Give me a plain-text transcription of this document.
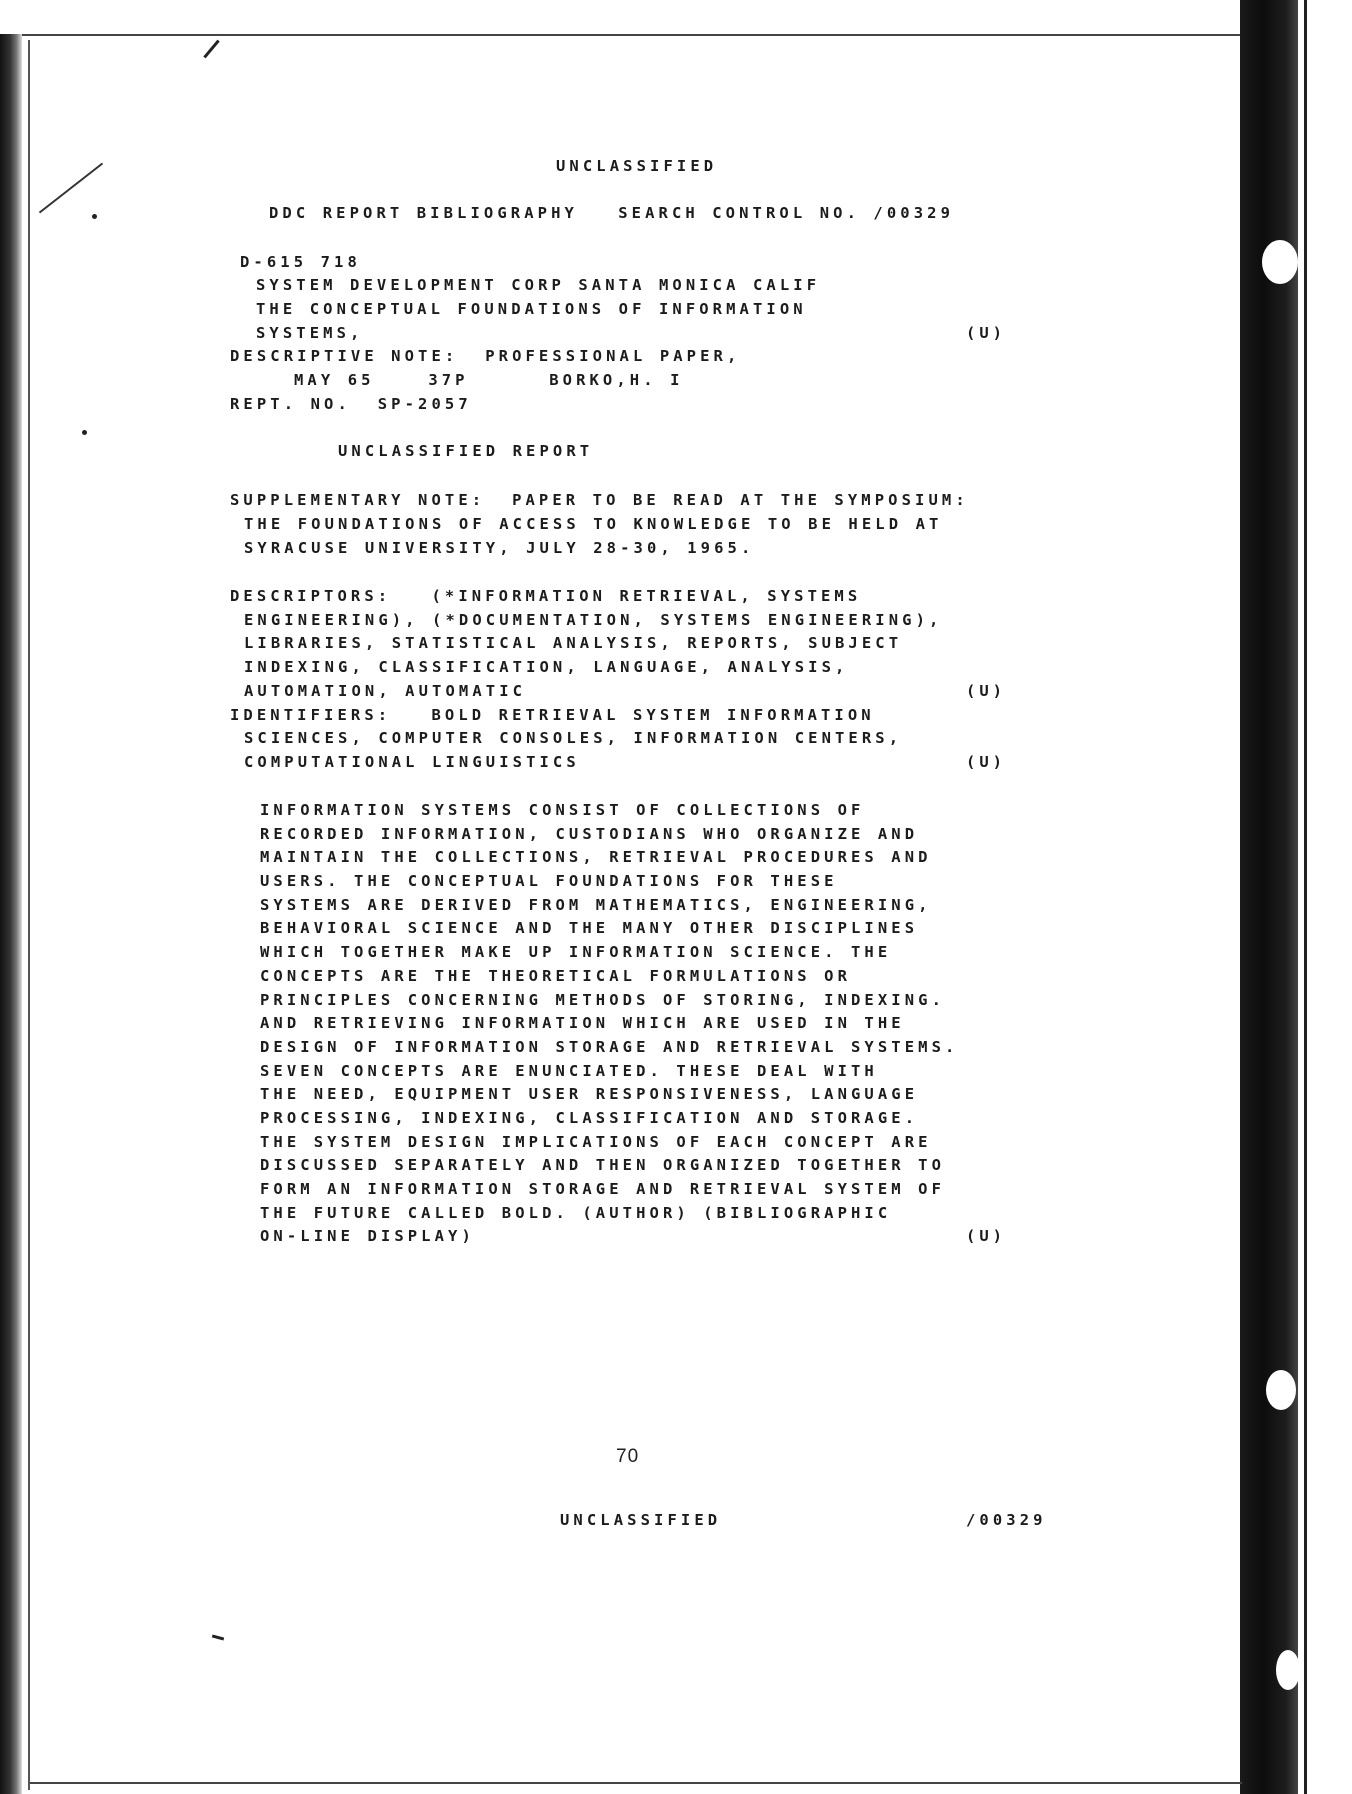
UNCLASSIFIED
DDC REPORT BIBLIOGRAPHY   SEARCH CONTROL NO. /00329
D-615 718
SYSTEM DEVELOPMENT CORP SANTA MONICA CALIF
THE CONCEPTUAL FOUNDATIONS OF INFORMATION
SYSTEMS,	(U)
DESCRIPTIVE NOTE:  PROFESSIONAL PAPER,
MAY 65    37P      BORKO,H. I
REPT. NO.  SP-2057
UNCLASSIFIED REPORT
SUPPLEMENTARY NOTE:  PAPER TO BE READ AT THE SYMPOSIUM:
THE FOUNDATIONS OF ACCESS TO KNOWLEDGE TO BE HELD AT
SYRACUSE UNIVERSITY, JULY 28-30, 1965.
DESCRIPTORS:   (*INFORMATION RETRIEVAL, SYSTEMS
ENGINEERING), (*DOCUMENTATION, SYSTEMS ENGINEERING),
LIBRARIES, STATISTICAL ANALYSIS, REPORTS, SUBJECT
INDEXING, CLASSIFICATION, LANGUAGE, ANALYSIS,
AUTOMATION, AUTOMATIC	(U)
IDENTIFIERS:   BOLD RETRIEVAL SYSTEM INFORMATION
SCIENCES, COMPUTER CONSOLES, INFORMATION CENTERS,
COMPUTATIONAL LINGUISTICS	(U)
INFORMATION SYSTEMS CONSIST OF COLLECTIONS OF
RECORDED INFORMATION, CUSTODIANS WHO ORGANIZE AND
MAINTAIN THE COLLECTIONS, RETRIEVAL PROCEDURES AND
USERS. THE CONCEPTUAL FOUNDATIONS FOR THESE
SYSTEMS ARE DERIVED FROM MATHEMATICS, ENGINEERING,
BEHAVIORAL SCIENCE AND THE MANY OTHER DISCIPLINES
WHICH TOGETHER MAKE UP INFORMATION SCIENCE. THE
CONCEPTS ARE THE THEORETICAL FORMULATIONS OR
PRINCIPLES CONCERNING METHODS OF STORING, INDEXING.
AND RETRIEVING INFORMATION WHICH ARE USED IN THE
DESIGN OF INFORMATION STORAGE AND RETRIEVAL SYSTEMS.
SEVEN CONCEPTS ARE ENUNCIATED. THESE DEAL WITH
THE NEED, EQUIPMENT USER RESPONSIVENESS, LANGUAGE
PROCESSING, INDEXING, CLASSIFICATION AND STORAGE.
THE SYSTEM DESIGN IMPLICATIONS OF EACH CONCEPT ARE
DISCUSSED SEPARATELY AND THEN ORGANIZED TOGETHER TO
FORM AN INFORMATION STORAGE AND RETRIEVAL SYSTEM OF
THE FUTURE CALLED BOLD. (AUTHOR) (BIBLIOGRAPHIC
ON-LINE DISPLAY)	(U)
70
UNCLASSIFIED	/00329
